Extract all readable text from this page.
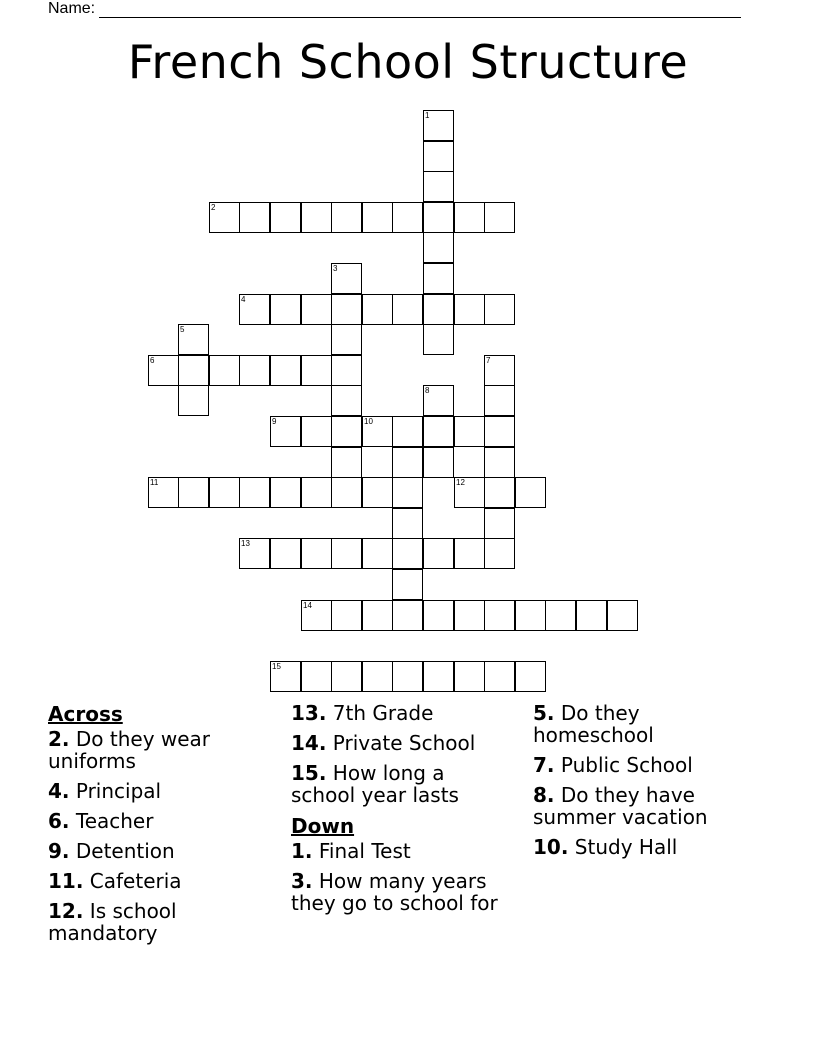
Name:
French School Structure
1
2
3
4
5
6	7
8
9	10
11	12
13
14
15
Across
2. Do they wear uniforms
4. Principal
6. Teacher
9. Detention
11. Cafeteria
12. Is school mandatory
13. 7th Grade
14. Private School
15. How long a school year lasts
Down
1. Final Test
3. How many years they go to school for
5. Do they homeschool
7. Public School
8. Do they have summer vacation
10. Study Hall
